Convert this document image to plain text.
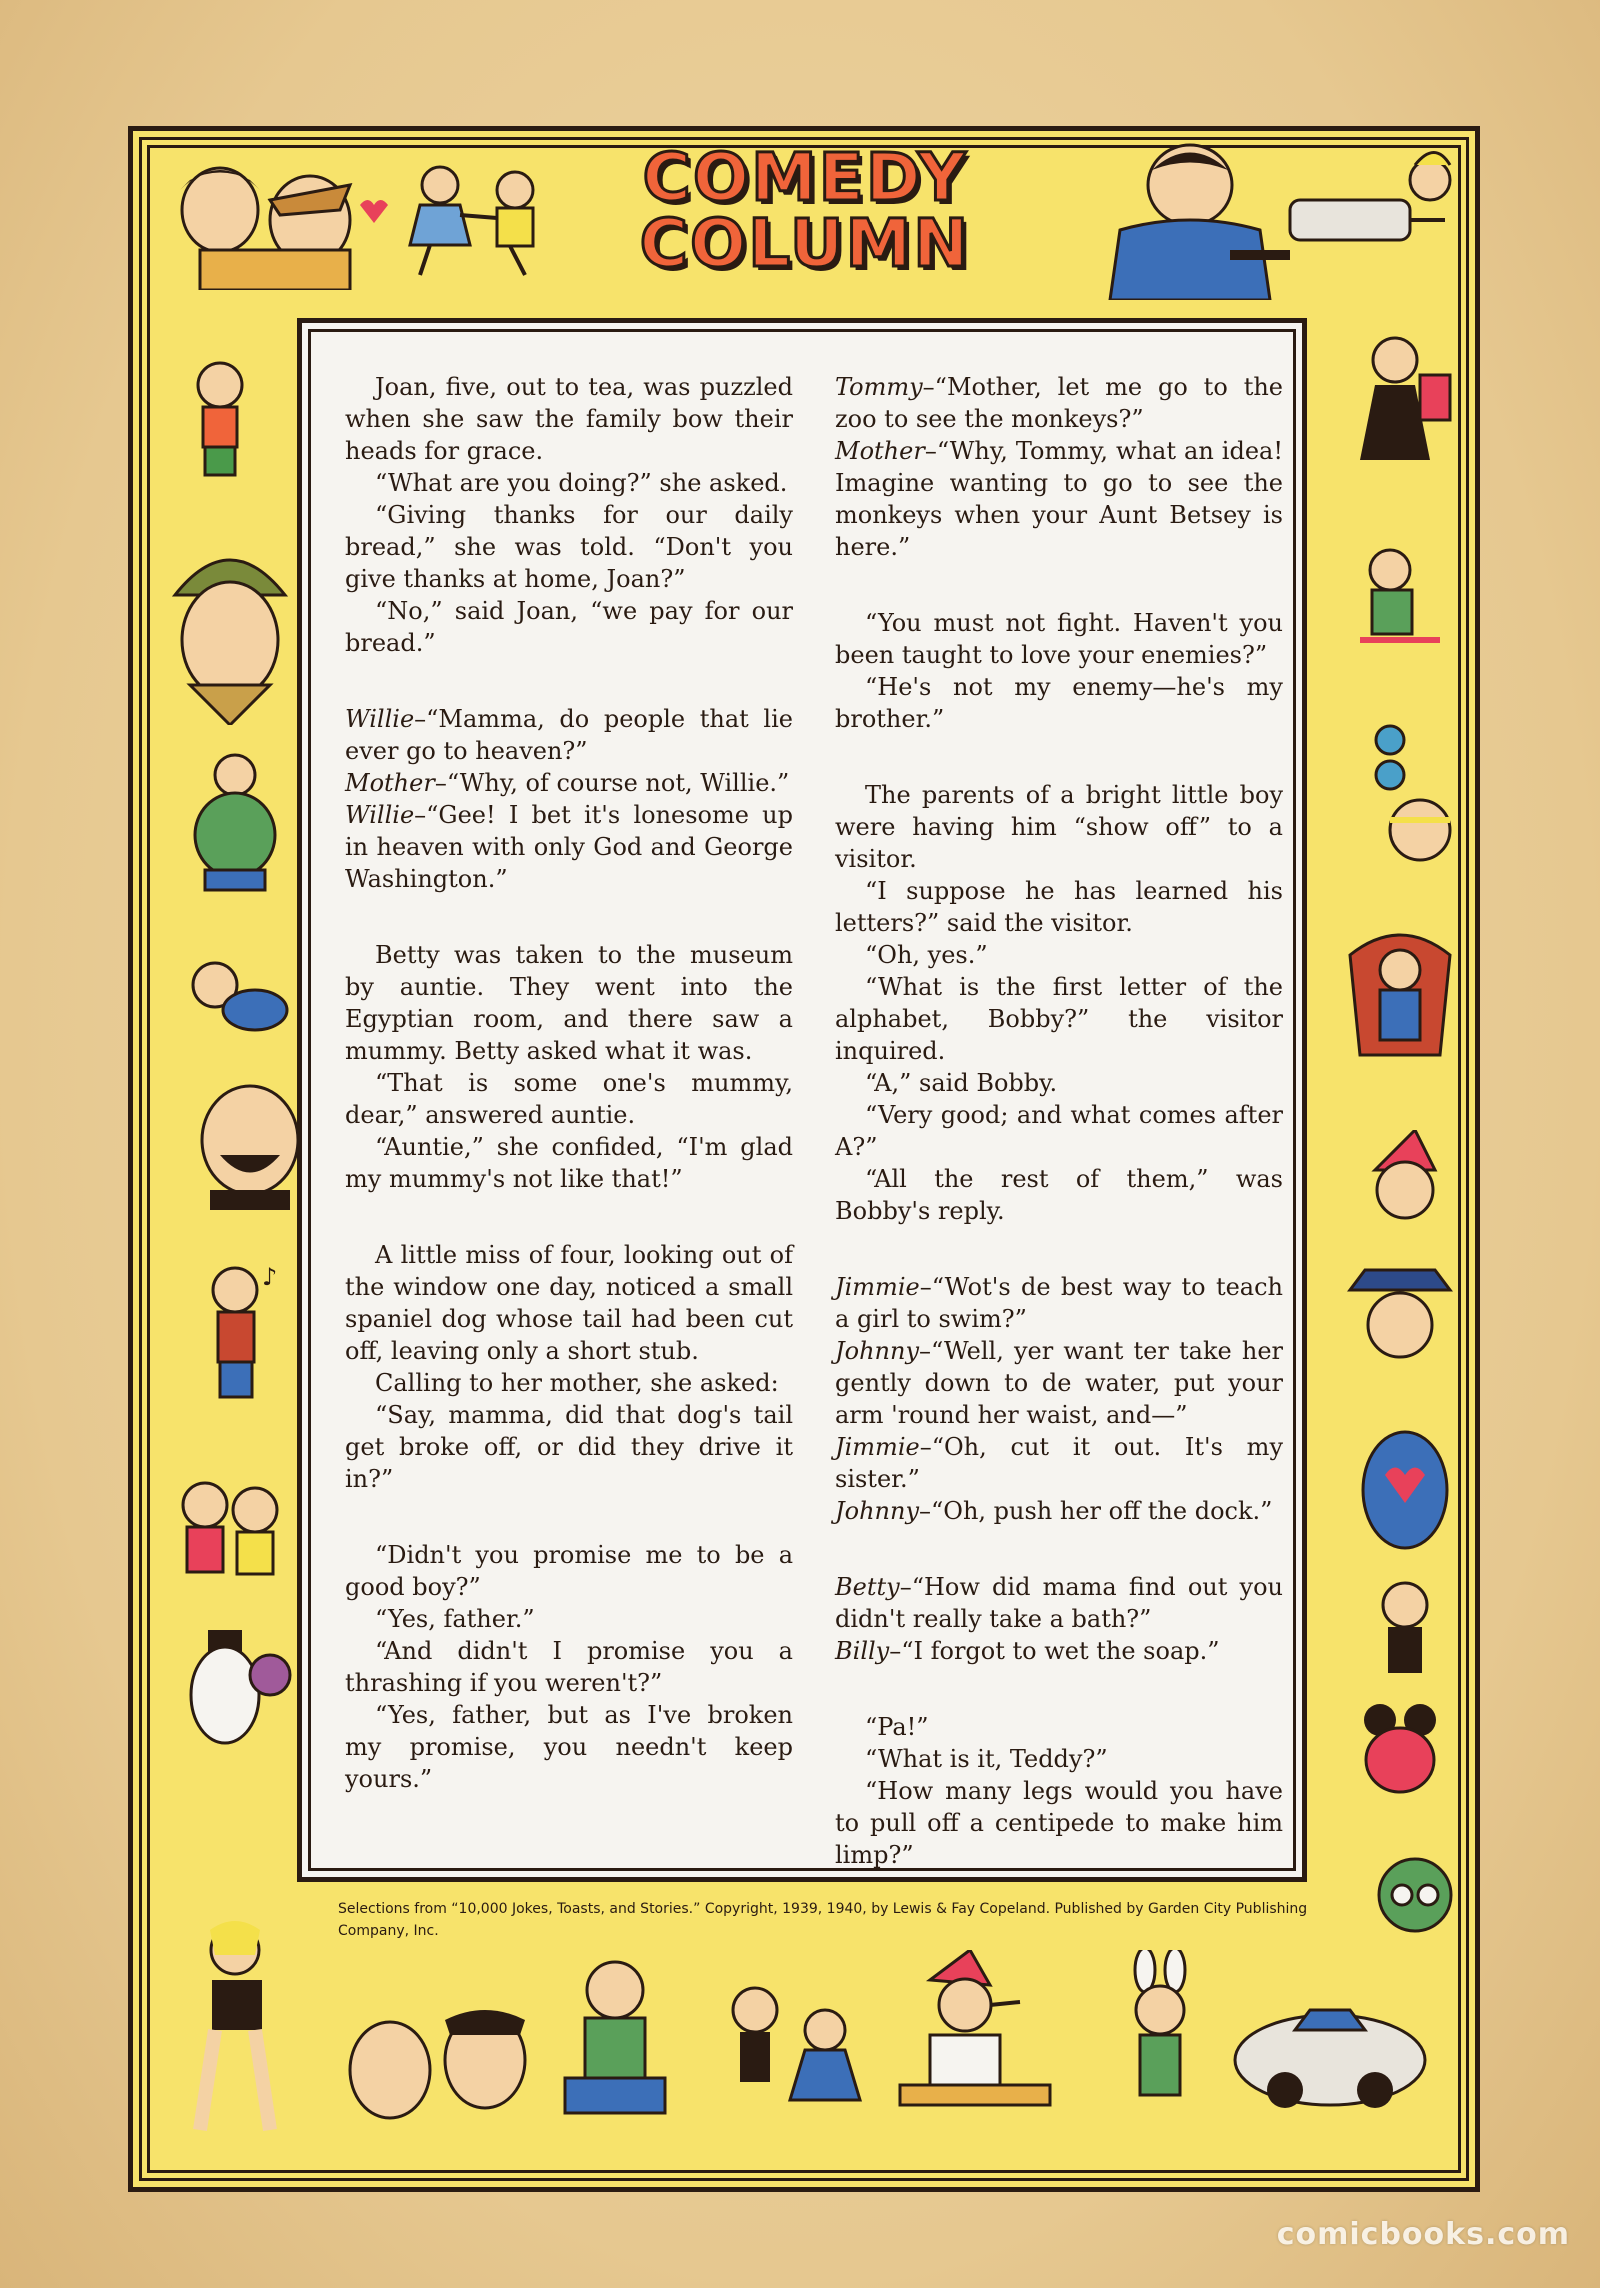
♪
COMEDY
COLUMN

Joan, five, out to tea, was puzzled when she saw the family bow their heads for grace.

“What are you doing?” she asked.

“Giving thanks for our daily bread,” she was told. “Don't you give thanks at home, Joan?”

“No,” said Joan, “we pay for our bread.”

Willie–“Mamma, do people that lie ever go to heaven?”

Mother–“Why, of course not, Willie.”

Willie–“Gee! I bet it's lonesome up in heaven with only God and George Washington.”

Betty was taken to the museum by auntie. They went into the Egyptian room, and there saw a mummy. Betty asked what it was.

“That is some one's mummy, dear,” answered auntie.

“Auntie,” she confided, “I'm glad my mummy's not like that!”

A little miss of four, looking out of the window one day, noticed a small spaniel dog whose tail had been cut off, leaving only a short stub.

Calling to her mother, she asked:

“Say, mamma, did that dog's tail get broke off, or did they drive it in?”

“Didn't you promise me to be a good boy?”

“Yes, father.”

“And didn't I promise you a thrashing if you weren't?”

“Yes, father, but as I've broken my promise, you needn't keep yours.”

Tommy–“Mother, let me go to the zoo to see the monkeys?”

Mother–“Why, Tommy, what an idea! Imagine wanting to go to see the monkeys when your Aunt Betsey is here.”

“You must not fight. Haven't you been taught to love your enemies?”

“He's not my enemy—he's my brother.”

The parents of a bright little boy were having him “show off” to a visitor.

“I suppose he has learned his letters?” said the visitor.

“Oh, yes.”

“What is the first letter of the alphabet, Bobby?” the visitor inquired.

“A,” said Bobby.

“Very good; and what comes after A?”

“All the rest of them,” was Bobby's reply.

Jimmie–“Wot's de best way to teach a girl to swim?”

Johnny–“Well, yer want ter take her gently down to de water, put your arm 'round her waist, and—”

Jimmie–“Oh, cut it out. It's my sister.”

Johnny–“Oh, push her off the dock.”

Betty–“How did mama find out you didn't really take a bath?”

Billy–“I forgot to wet the soap.”

“Pa!”

“What is it, Teddy?”

“How many legs would you have to pull off a centipede to make him limp?”

Selections from “10,000 Jokes, Toasts, and Stories.” Copyright, 1939, 1940, by Lewis & Fay Copeland. Published by Garden City Publishing Company, Inc.
comicbooks.com
